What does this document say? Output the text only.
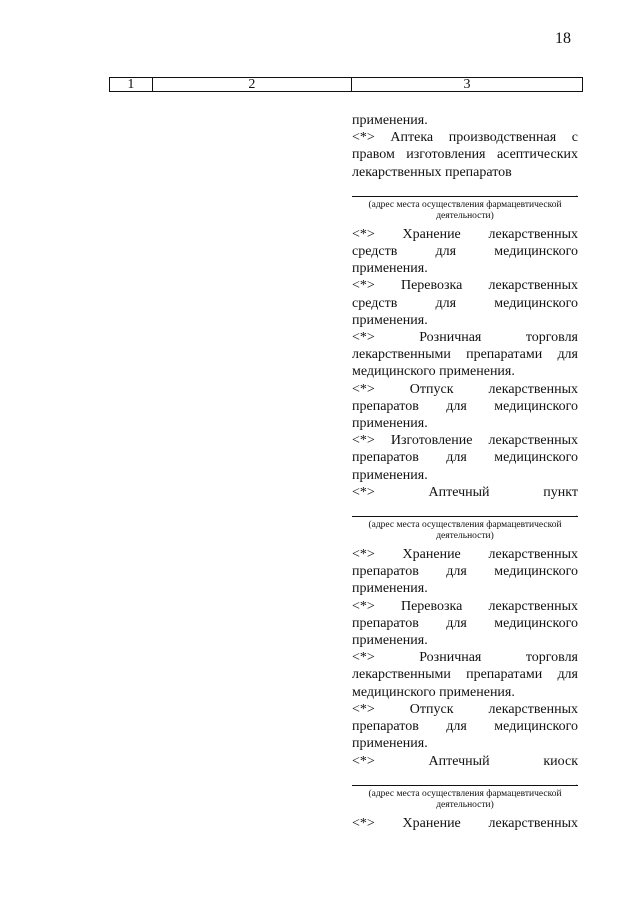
18
1	2	3

применения.

<*> Аптека производственная с правом изготовления асептических лекарственных препаратов

.
(адрес места осуществления фармацевтической деятельности)

<*> Хранение лекарственных средств для медицинского применения.

<*> Перевозка лекарственных средств для медицинского применения.

<*> Розничная торговля лекарственными препаратами для медицинского применения.

<*> Отпуск лекарственных препаратов для медицинского применения.

<*> Изготовление лекарственных препаратов для медицинского применения.

<*> Аптечный пункт

.
(адрес места осуществления фармацевтической деятельности)

<*> Хранение лекарственных препаратов для медицинского применения.

<*> Перевозка лекарственных препаратов для медицинского применения.

<*> Розничная торговля лекарственными препаратами для медицинского применения.

<*> Отпуск лекарственных препаратов для медицинского применения.

<*> Аптечный киоск

.
(адрес места осуществления фармацевтической деятельности)

<*> Хранение лекарственных
